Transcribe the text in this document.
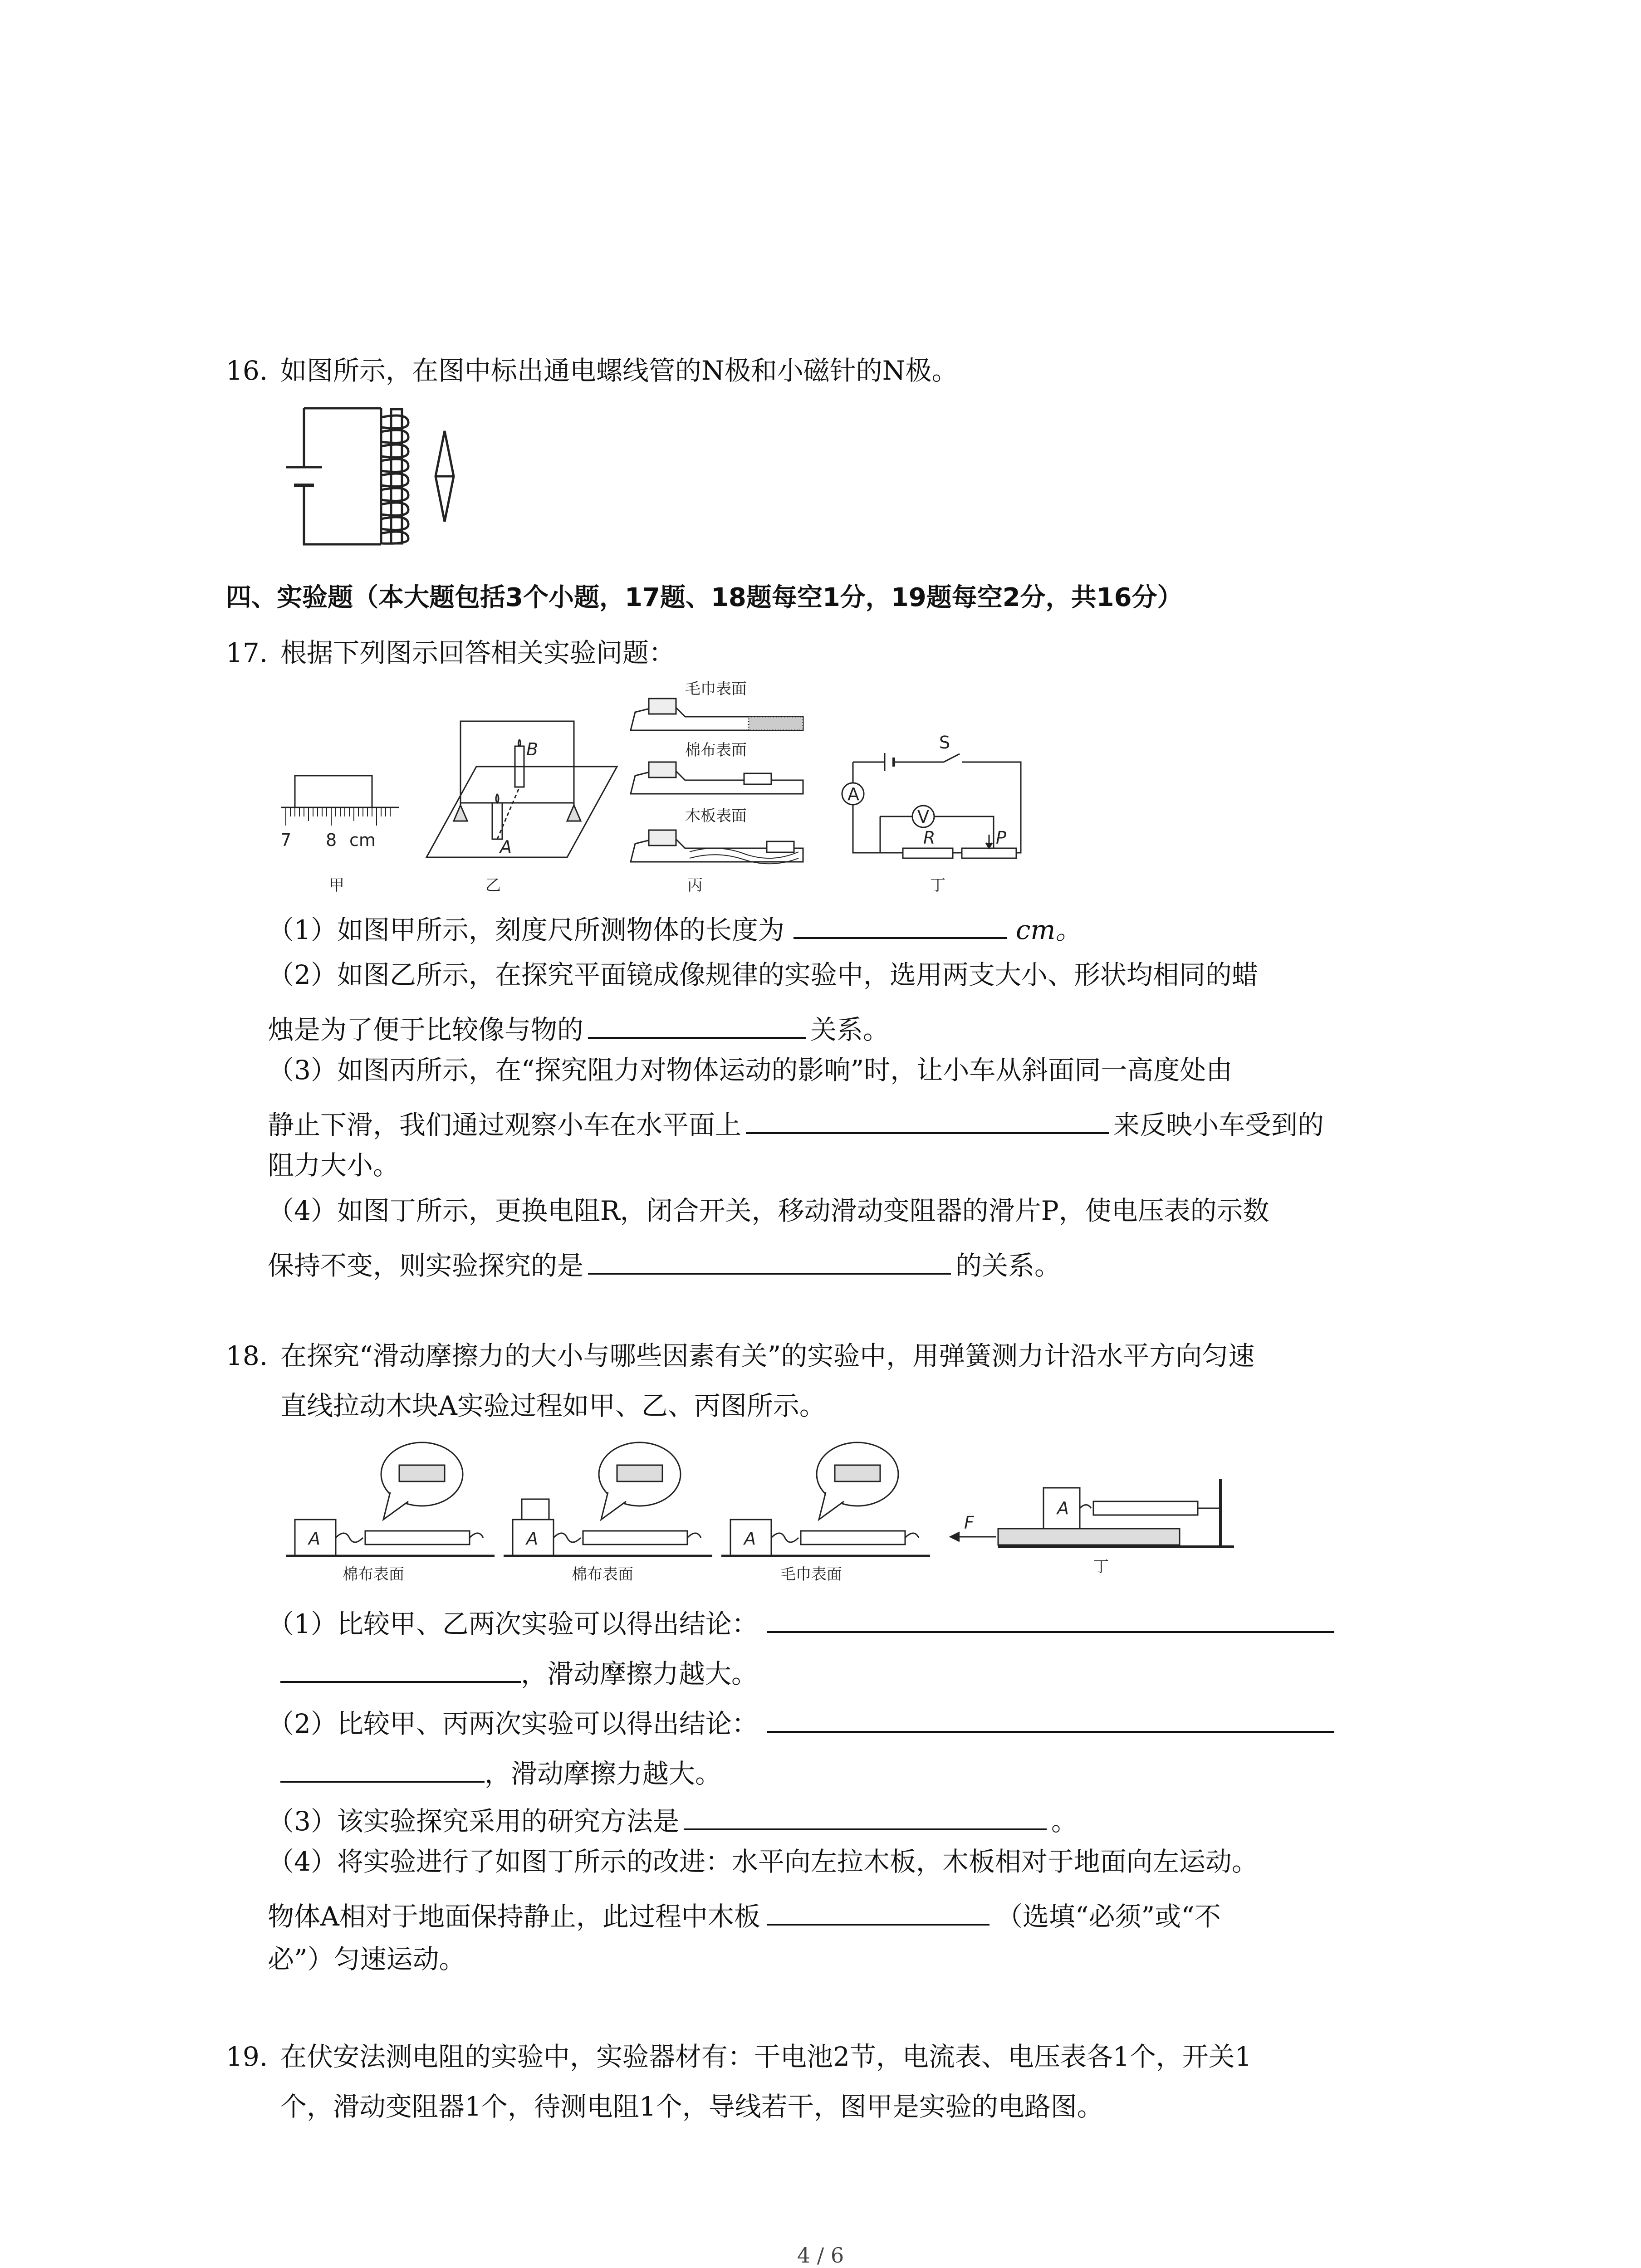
16. 如图所示，在图中标出通电螺线管的N极和小磁针的N极。
四、实验题（本大题包括3个小题，17题、18题每空1分，19题每空2分，共16分）
17. 根据下列图示回答相关实验问题：
7 8 cm
甲
B
A
乙
毛巾表面
棉布表面
木板表面
丙
S
A
V
R	P
丁
（1）如图甲所示，刻度尺所测物体的长度为	cm。
（2）如图乙所示，在探究平面镜成像规律的实验中，选用两支大小、形状均相同的蜡
烛是为了便于比较像与物的	关系。
（3）如图丙所示，在“探究阻力对物体运动的影响”时，让小车从斜面同一高度处由
静止下滑，我们通过观察小车在水平面上	来反映小车受到的
阻力大小。
（4）如图丁所示，更换电阻R，闭合开关，移动滑动变阻器的滑片P，使电压表的示数
保持不变，则实验探究的是	的关系。
18. 在探究“滑动摩擦力的大小与哪些因素有关”的实验中，用弹簧测力计沿水平方向匀速
直线拉动木块A实验过程如甲、乙、丙图所示。
A
棉布表面
A
棉布表面
A
毛巾表面
A
F
丁
（1）比较甲、乙两次实验可以得出结论：
，滑动摩擦力越大。
（2）比较甲、丙两次实验可以得出结论：
，滑动摩擦力越大。
（3）该实验探究采用的研究方法是	。
（4）将实验进行了如图丁所示的改进：水平向左拉木板，木板相对于地面向左运动。
物体A相对于地面保持静止，此过程中木板	（选填“必须”或“不
必”）匀速运动。
19. 在伏安法测电阻的实验中，实验器材有：干电池2节，电流表、电压表各1个，开关1
个，滑动变阻器1个，待测电阻1个，导线若干，图甲是实验的电路图。
4 / 6
